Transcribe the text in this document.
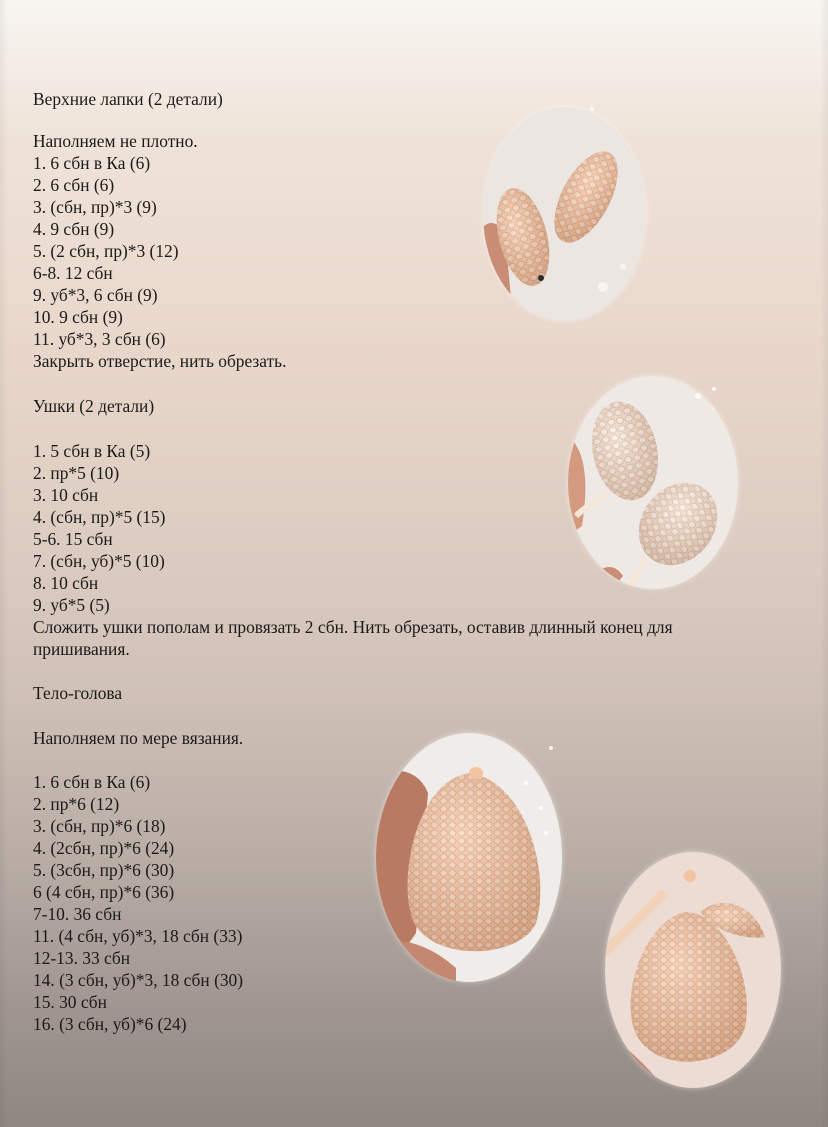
Верхние лапки (2 детали)
Наполняем не плотно.
1. 6 сбн в Ка (6)
2. 6 сбн (6)
3. (сбн, пр)*3 (9)
4. 9 сбн (9)
5. (2 сбн, пр)*3 (12)
6-8. 12 сбн
9. уб*3, 6 сбн (9)
10. 9 сбн (9)
11. уб*3, 3 сбн (6)
Закрыть отверстие, нить обрезать.
Ушки (2 детали)
1. 5 сбн в Ка (5)
2. пр*5 (10)
3. 10 сбн
4. (сбн, пр)*5 (15)
5-6. 15 сбн
7. (сбн, уб)*5 (10)
8. 10 сбн
9. уб*5 (5)
Сложить ушки пополам и провязать 2 сбн. Нить обрезать, оставив длинный конец для
пришивания.
Тело-голова
Наполняем по мере вязания.
1. 6 сбн в Ка (6)
2. пр*6 (12)
3. (сбн, пр)*6 (18)
4. (2сбн, пр)*6 (24)
5. (3сбн, пр)*6 (30)
6 (4 сбн, пр)*6 (36)
7-10. 36 сбн
11. (4 сбн, уб)*3, 18 сбн (33)
12-13. 33 сбн
14. (3 сбн, уб)*3, 18 сбн (30)
15. 30 сбн
16. (3 сбн, уб)*6 (24)
